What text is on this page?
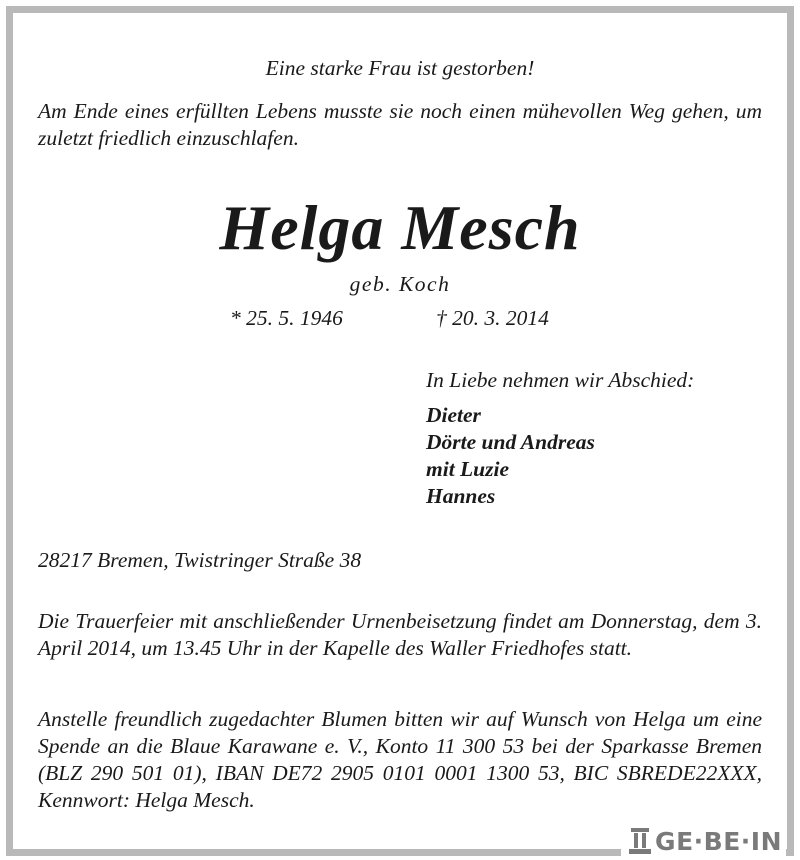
Eine starke Frau ist gestorben!
Am Ende eines erfüllten Lebens musste sie noch einen mühevollen Weg gehen, um zuletzt friedlich einzuschlafen.
Helga Mesch
geb. Koch
* 25. 5. 1946	† 20. 3. 2014
In Liebe nehmen wir Abschied:
Dieter
Dörte und Andreas
mit Luzie
Hannes
28217 Bremen, Twistringer Straße 38
Die Trauerfeier mit anschließender Urnenbeisetzung findet am Donnerstag, dem 3. April 2014, um 13.45 Uhr in der Kapelle des Waller Friedhofes statt.
Anstelle freundlich zugedachter Blumen bitten wir auf Wunsch von Helga um eine Spende an die Blaue Karawane e. V., Konto 11 300 53 bei der Sparkasse Bremen (BLZ 290 501 01), IBAN DE72 2905 0101 0001 1300 53, BIC SBREDE22XXX, Kennwort: Helga Mesch.
GE·BE·IN
